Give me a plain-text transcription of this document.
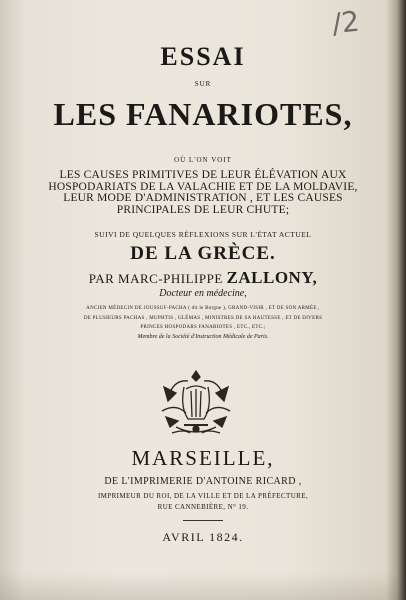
/2
ESSAI
SUR
LES FANARIOTES,
OÙ L'ON VOIT
LES CAUSES PRIMITIVES DE LEUR ÉLÉVATION AUX
HOSPODARIATS DE LA VALACHIE ET DE LA MOLDAVIE,
LEUR MODE D'ADMINISTRATION , ET LES CAUSES
PRINCIPALES DE LEUR CHUTE;
SUIVI DE QUELQUES RÉFLEXIONS SUR L'ÉTAT ACTUEL
DE LA GRÈCE.
PAR MARC-PHILIPPE ZALLONY,
Docteur en médecine,
ANCIEN MÉDECIN DE JOUSSUF-PACHA ( dit le Borgne ), GRAND-VISIR , ET DE SON ARMÉE ,
DE PLUSIEURS PACHAS , MUPHTIS , ULÉMAS , MINISTRES DE SA HAUTESSE , ET DE DIVERS
PRINCES HOSPODARS FANARIOTES , ETC., ETC.;
Membre de la Société d'Instruction Médicale de Paris.
MARSEILLE,
DE L'IMPRIMERIE D'ANTOINE RICARD ,
IMPRIMEUR DU ROI, DE LA VILLE ET DE LA PRÉFECTURE,
RUE CANNEBIÈRE, N° 19.
AVRIL 1824.
